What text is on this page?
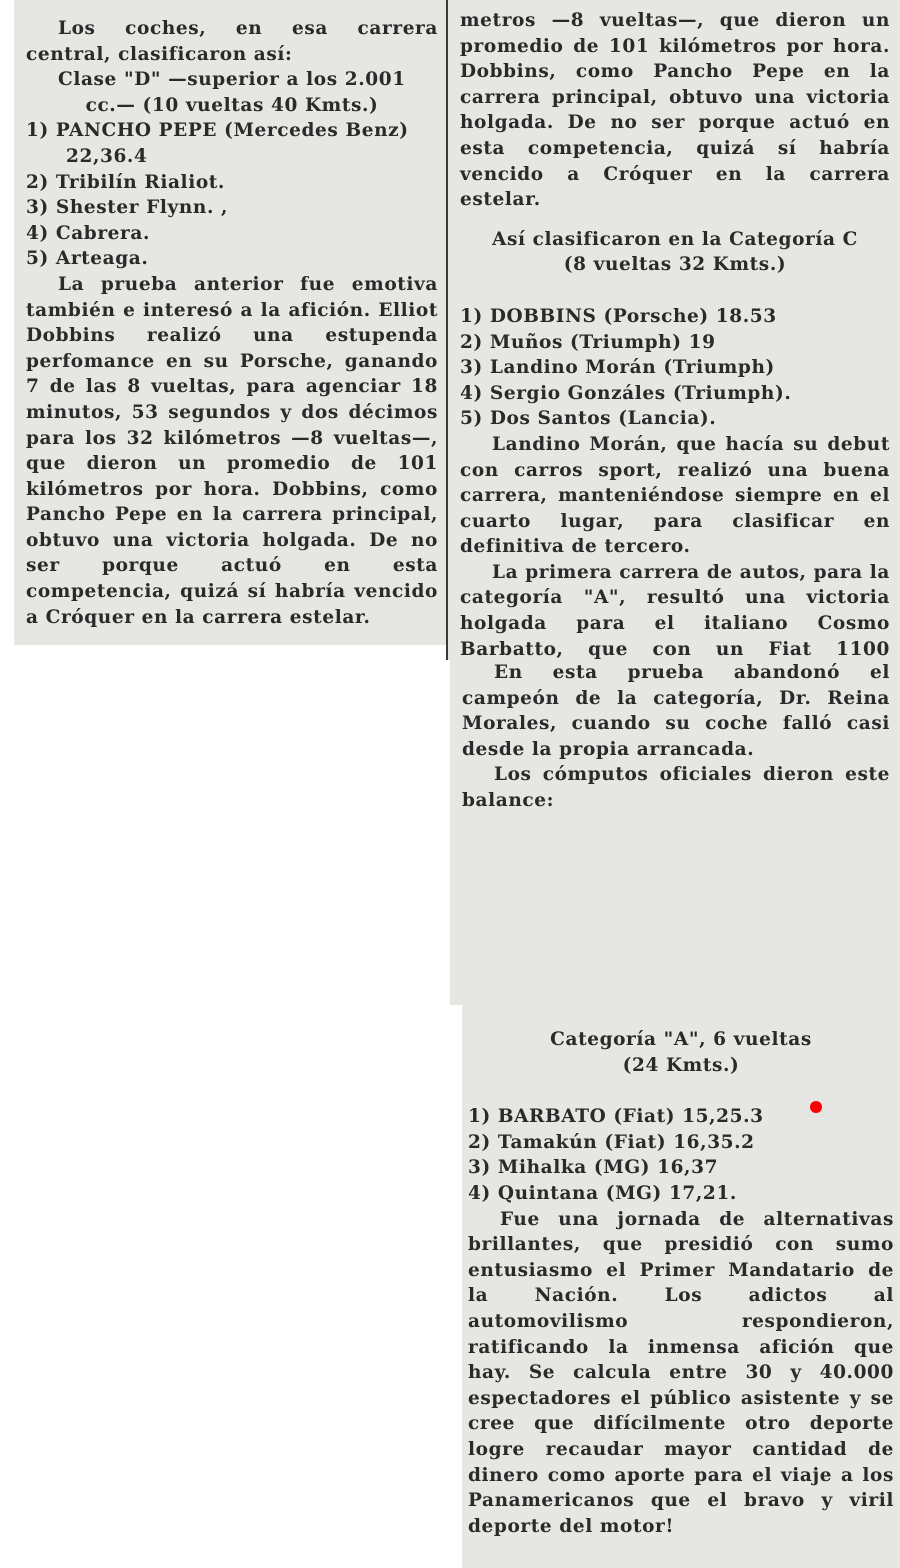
Los coches, en esa carrera central, clasificaron así:

Clase "D" —superior a los 2.001

cc.— (10 vueltas 40 Kmts.)

1) PANCHO PEPE (Mercedes Benz) 22,36.4
2) Tribilín Rialiot.
3) Shester Flynn. ,
4) Cabrera.
5) Arteaga.

La prueba anterior fue emotiva también e interesó a la afición. Elliot Dobbins realizó una estupenda perfomance en su Porsche, ganando 7 de las 8 vueltas, para agenciar 18 minutos, 53 segundos y dos décimos para los 32 kilómetros —8 vueltas—, que dieron un promedio de 101 kilómetros por hora. Dobbins, como Pancho Pepe en la carrera principal, obtuvo una victoria holgada. De no ser porque actuó en esta competencia, quizá sí habría vencido a Cróquer en la carrera estelar.

metros —8 vueltas—, que dieron un promedio de 101 kilómetros por hora. Dobbins, como Pancho Pepe en la carrera principal, obtuvo una victoria holgada. De no ser porque actuó en esta competencia, quizá sí habría vencido a Cróquer en la carrera estelar.

Así clasificaron en la Categoría C

(8 vueltas 32 Kmts.)

1) DOBBINS (Porsche) 18.53
2) Muños (Triumph) 19
3) Landino Morán (Triumph)
4) Sergio Gonzáles (Triumph).
5) Dos Santos (Lancia).

Landino Morán, que hacía su debut con carros sport, realizó una buena carrera, manteniéndose siempre en el cuarto lugar, para clasificar en definitiva de tercero.

La primera carrera de autos, para la categoría "A", resultó una victoria holgada para el italiano Cosmo Barbatto, que con un Fiat 1100

En esta prueba abandonó el campeón de la categoría, Dr. Reina Morales, cuando su coche falló casi desde la propia arrancada.

Los cómputos oficiales dieron este balance:

Categoría "A", 6 vueltas

(24 Kmts.)

1) BARBATO (Fiat) 15,25.3
2) Tamakún (Fiat) 16,35.2
3) Mihalka (MG) 16,37
4) Quintana (MG) 17,21.

Fue una jornada de alternativas brillantes, que presidió con sumo entusiasmo el Primer Mandatario de la Nación. Los adictos al automovilismo respondieron, ratificando la inmensa afición que hay. Se calcula entre 30 y 40.000 espectadores el público asistente y se cree que difícilmente otro deporte logre recaudar mayor cantidad de dinero como aporte para el viaje a los Panamericanos que el bravo y viril deporte del motor!
